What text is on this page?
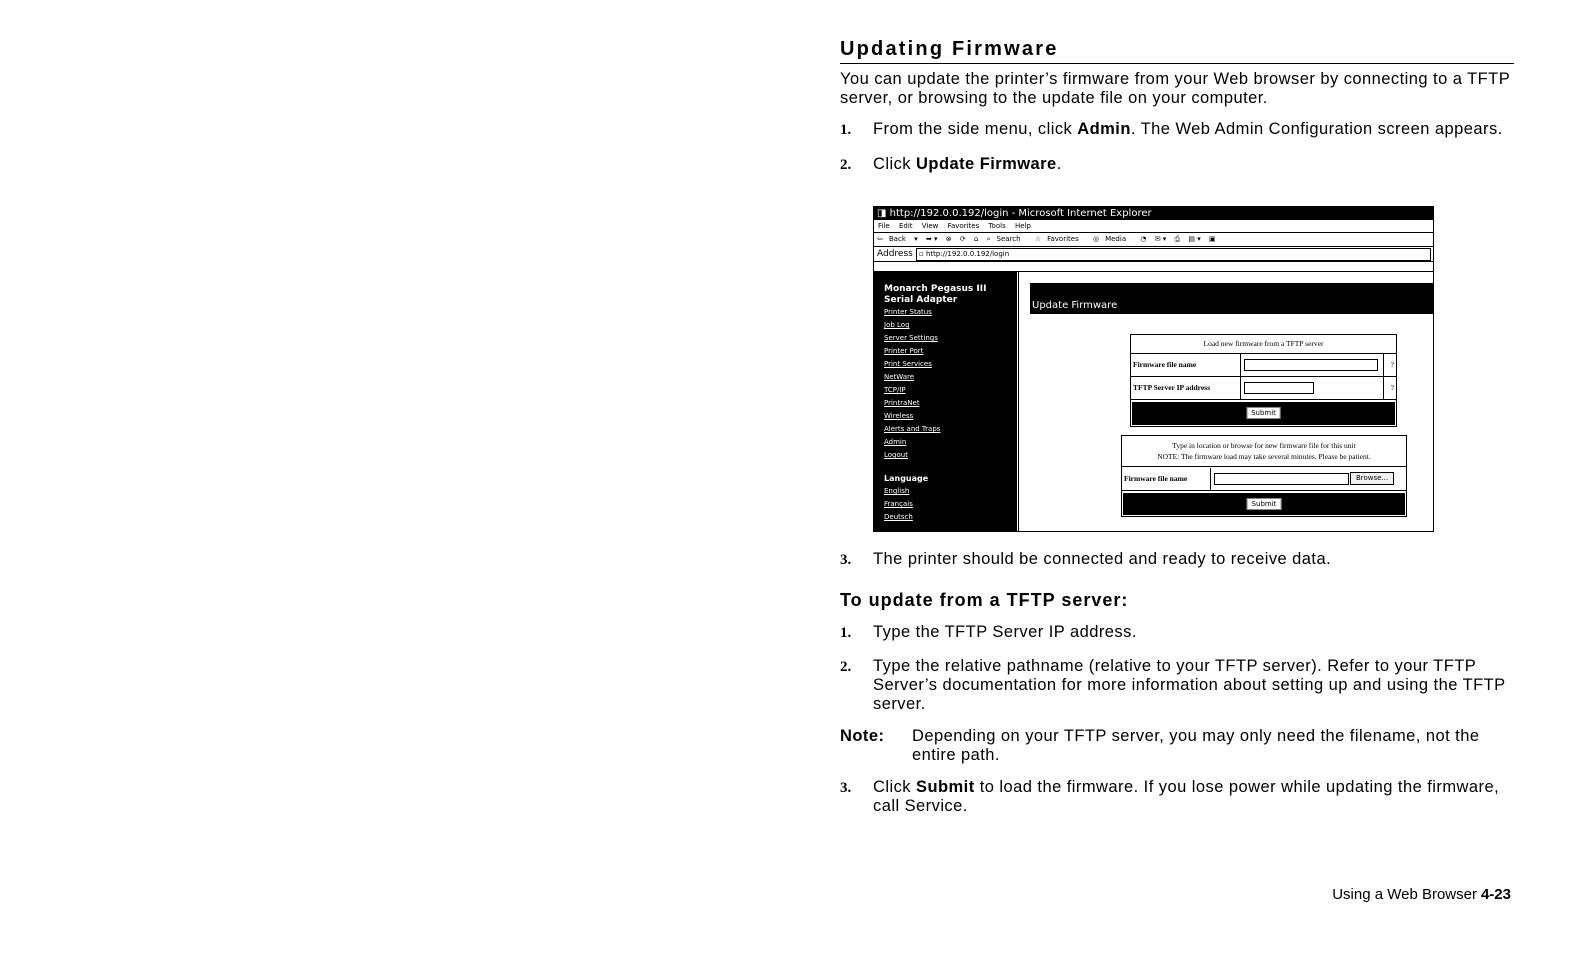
Updating Firmware

You can update the printer’s firmware from your Web browser by connecting to a TFTP server, or browsing to the update file on your computer.

1. From the side menu, click Admin. The Web Admin Configuration screen appears.
2. Click Update Firmware.
◨ http://192.0.0.192/login - Microsoft Internet Explorer
File Edit View Favorites Tools Help
⇦ Back ▾ ➡ ▾ ⊗ ⟳ ⌂ ⌕ Search ☆ Favorites ◎ Media ◔ ✉ ▾ ⎙ ▤ ▾ ▣
Address ▫ http://192.0.0.192/login
Monarch Pegasus III
Serial Adapter
Printer Status
Job Log
Server Settings
Printer Port
Print Services
NetWare
TCP/IP
PrintraNet
Wireless
Alerts and Traps
Admin
Logout
Language
English
Français
Deutsch
Update Firmware
Load new firmware from a TFTP server
Firmware file name	?
TFTP Server IP address	?
Submit
Type in location or browse for new firmware file for this unit
NOTE: The firmware load may take several minutes. Please be patient.
Firmware file name	Browse...
Submit
3. The printer should be connected and ready to receive data.
To update from a TFTP server:
1. Type the TFTP Server IP address.
2. Type the relative pathname (relative to your TFTP server). Refer to your TFTP Server’s documentation for more information about setting up and using the TFTP server.
Note: Depending on your TFTP server, you may only need the filename, not the entire path.
3. Click Submit to load the firmware. If you lose power while updating the firmware, call Service.
Using a Web Browser 4-23
